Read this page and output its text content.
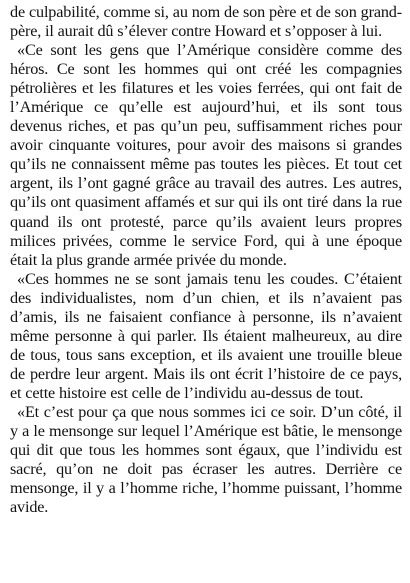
de culpabilité, comme si, au nom de son père et de son grand-père, il aurait dû s’élever contre Howard et s’opposer à lui.

«Ce sont les gens que l’Amérique considère comme des héros. Ce sont les hommes qui ont créé les compagnies pétrolières et les filatures et les voies ferrées, qui ont fait de l’Amérique ce qu’elle est aujourd’hui, et ils sont tous devenus riches, et pas qu’un peu, suffisamment riches pour avoir cinquante voitures, pour avoir des maisons si grandes qu’ils ne connaissent même pas toutes les pièces. Et tout cet argent, ils l’ont gagné grâce au travail des autres. Les autres, qu’ils ont quasiment affamés et sur qui ils ont tiré dans la rue quand ils ont protesté, parce qu’ils avaient leurs propres milices privées, comme le service Ford, qui à une époque était la plus grande armée privée du monde.

«Ces hommes ne se sont jamais tenu les coudes. C’étaient des individualistes, nom d’un chien, et ils n’avaient pas d’amis, ils ne faisaient confiance à personne, ils n’avaient même personne à qui parler. Ils étaient malheureux, au dire de tous, tous sans exception, et ils avaient une trouille bleue de perdre leur argent. Mais ils ont écrit l’histoire de ce pays, et cette histoire est celle de l’individu au-dessus de tout.

«Et c’est pour ça que nous sommes ici ce soir. D’un côté, il y a le mensonge sur lequel l’Amérique est bâtie, le mensonge qui dit que tous les hommes sont égaux, que l’individu est sacré, qu’on ne doit pas écraser les autres. Derrière ce mensonge, il y a l’homme riche, l’homme puissant, l’homme avide.
